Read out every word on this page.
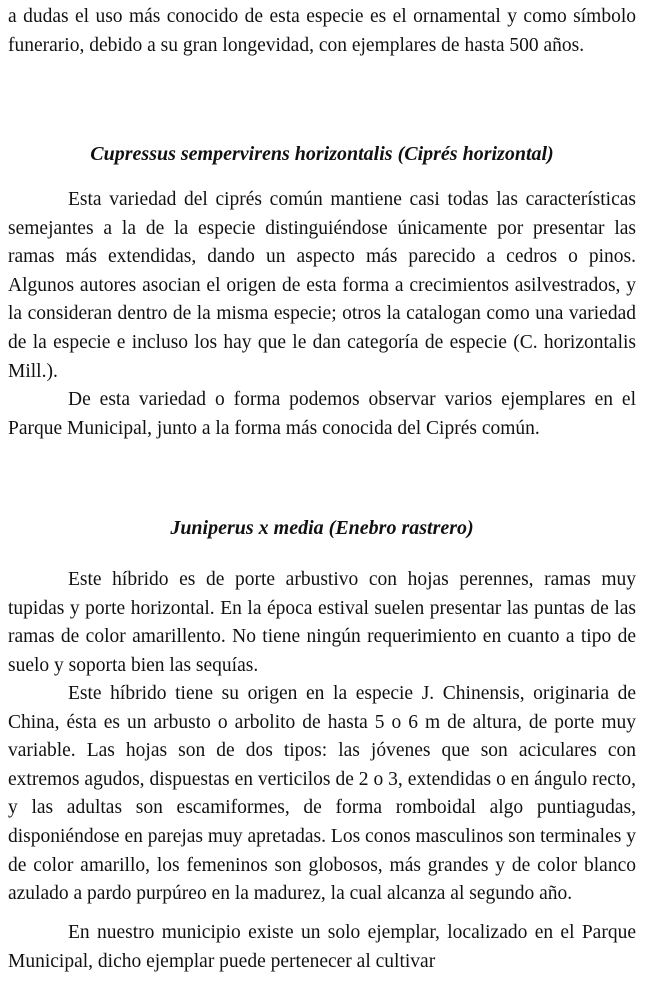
a dudas el uso más conocido de esta especie es el ornamental y como símbolo funerario, debido a su gran longevidad, con ejemplares de hasta 500 años.

Cupressus sempervirens horizontalis (Ciprés horizontal)

Esta variedad del ciprés común mantiene casi todas las características semejantes a la de la especie distinguiéndose únicamente por presentar las ramas más extendidas, dando un aspecto más parecido a cedros o pinos. Algunos autores asocian el origen de esta forma a crecimientos asilvestrados, y la consideran dentro de la misma especie; otros la catalogan como una variedad de la especie e incluso los hay que le dan categoría de especie (C. horizontalis Mill.).

De esta variedad o forma podemos observar varios ejemplares en el Parque Municipal, junto a la forma más conocida del Ciprés común.

Juniperus x media (Enebro rastrero)

Este híbrido es de porte arbustivo con hojas perennes, ramas muy tupidas y porte horizontal. En la época estival suelen presentar las puntas de las ramas de color amarillento. No tiene ningún requerimiento en cuanto a tipo de suelo y soporta bien las sequías.

Este híbrido tiene su origen en la especie J. Chinensis, originaria de China, ésta es un arbusto o arbolito de hasta 5 o 6 m de altura, de porte muy variable. Las hojas son de dos tipos: las jóvenes que son aciculares con extremos agudos, dispuestas en verticilos de 2 o 3, extendidas o en ángulo recto, y las adultas son escamiformes, de forma romboidal algo puntiagudas, disponiéndose en parejas muy apretadas. Los conos masculinos son terminales y de color amarillo, los femeninos son globosos, más grandes y de color blanco azulado a pardo purpúreo en la madurez, la cual alcanza al segundo año.

En nuestro municipio existe un solo ejemplar, localizado en el Parque Municipal, dicho ejemplar puede pertenecer al cultivar
